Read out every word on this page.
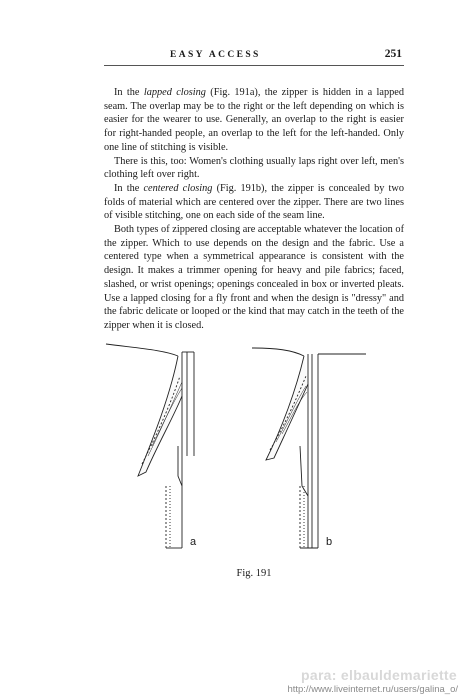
EASY ACCESS	251

In the lapped closing (Fig. 191a), the zipper is hidden in a lapped seam. The overlap may be to the right or the left depending on which is easier for the wearer to use. Generally, an overlap to the right is easier for right-handed people, an overlap to the left for the left-handed. Only one line of stitching is visible.

There is this, too: Women's clothing usually laps right over left, men's clothing left over right.

In the centered closing (Fig. 191b), the zipper is concealed by two folds of material which are centered over the zipper. There are two lines of visible stitching, one on each side of the seam line.

Both types of zippered closing are acceptable whatever the location of the zipper. Which to use depends on the design and the fabric. Use a centered type when a symmetrical appearance is consistent with the design. It makes a trimmer opening for heavy and pile fabrics; faced, slashed, or wrist openings; openings concealed in box or inverted pleats. Use a lapped closing for a fly front and when the design is "dressy" and the fabric delicate or looped or the kind that may catch in the teeth of the zipper when it is closed.

a	b
Fig. 191
para: elbauldemariette
http://www.liveinternet.ru/users/galina_o/
